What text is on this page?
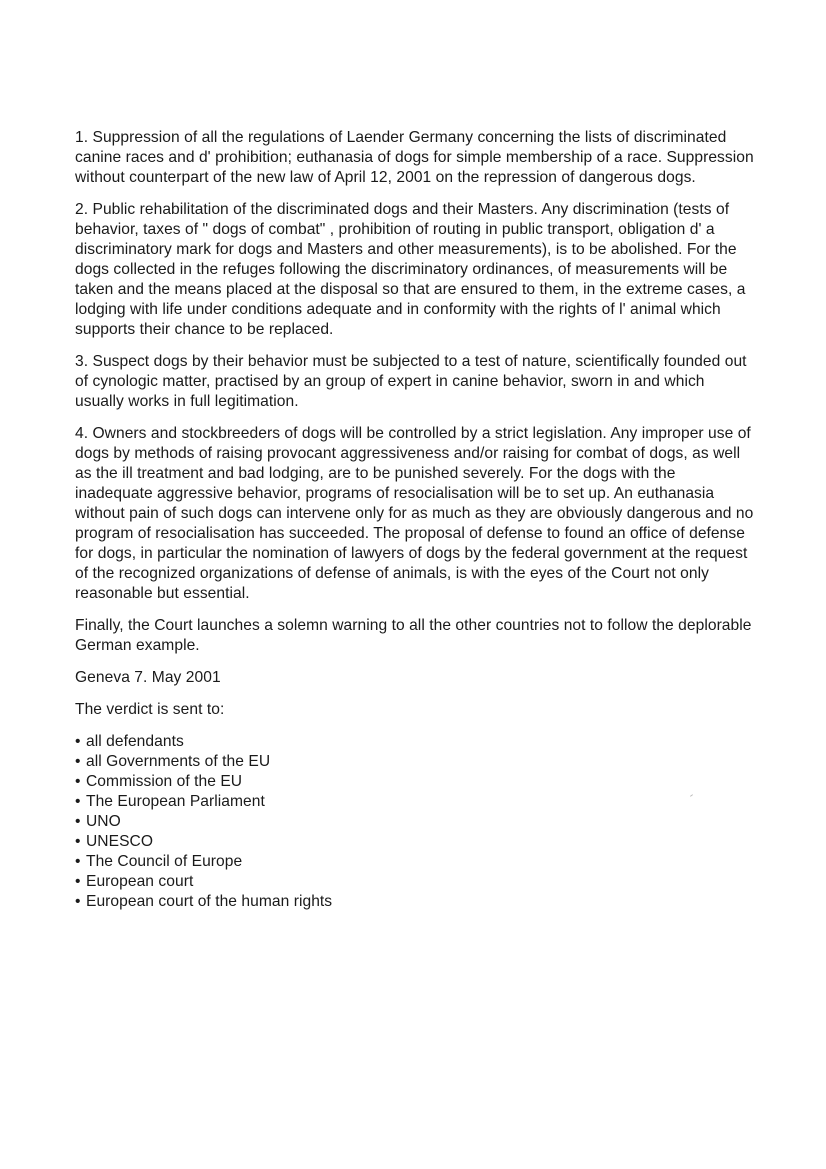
1. Suppression of all the regulations of Laender Germany concerning the lists of discriminated canine races and d' prohibition; euthanasia of dogs for simple membership of a race. Suppression without counterpart of the new law of April 12, 2001 on the repression of dangerous dogs.

2. Public rehabilitation of the discriminated dogs and their Masters. Any discrimination (tests of behavior, taxes of " dogs of combat" , prohibition of routing in public transport, obligation d' a discriminatory mark for dogs and Masters and other measurements), is to be abolished. For the dogs collected in the refuges following the discriminatory ordinances, of measurements will be taken and the means placed at the disposal so that are ensured to them, in the extreme cases, a lodging with life under conditions adequate and in conformity with the rights of l' animal which supports their chance to be replaced.

3. Suspect dogs by their behavior must be subjected to a test of nature, scientifically founded out of cynologic matter, practised by an group of expert in canine behavior, sworn in and which usually works in full legitimation.

4. Owners and stockbreeders of dogs will be controlled by a strict legislation. Any improper use of dogs by methods of raising provocant aggressiveness and/or raising for combat of dogs, as well as the ill treatment and bad lodging, are to be punished severely. For the dogs with the inadequate aggressive behavior, programs of resocialisation will be to set up. An euthanasia without pain of such dogs can intervene only for as much as they are obviously dangerous and no program of resocialisation has succeeded. The proposal of defense to found an office of defense for dogs, in particular the nomination of lawyers of dogs by the federal government at the request of the recognized organizations of defense of animals, is with the eyes of the Court not only reasonable but essential.

Finally, the Court launches a solemn warning to all the other countries not to follow the deplorable German example.

Geneva 7. May 2001

The verdict is sent to:

• all defendants
• all Governments of the EU
• Commission of the EU
• The European Parliament
• UNO
• UNESCO
• The Council of Europe
• European court
• European court of the human rights
